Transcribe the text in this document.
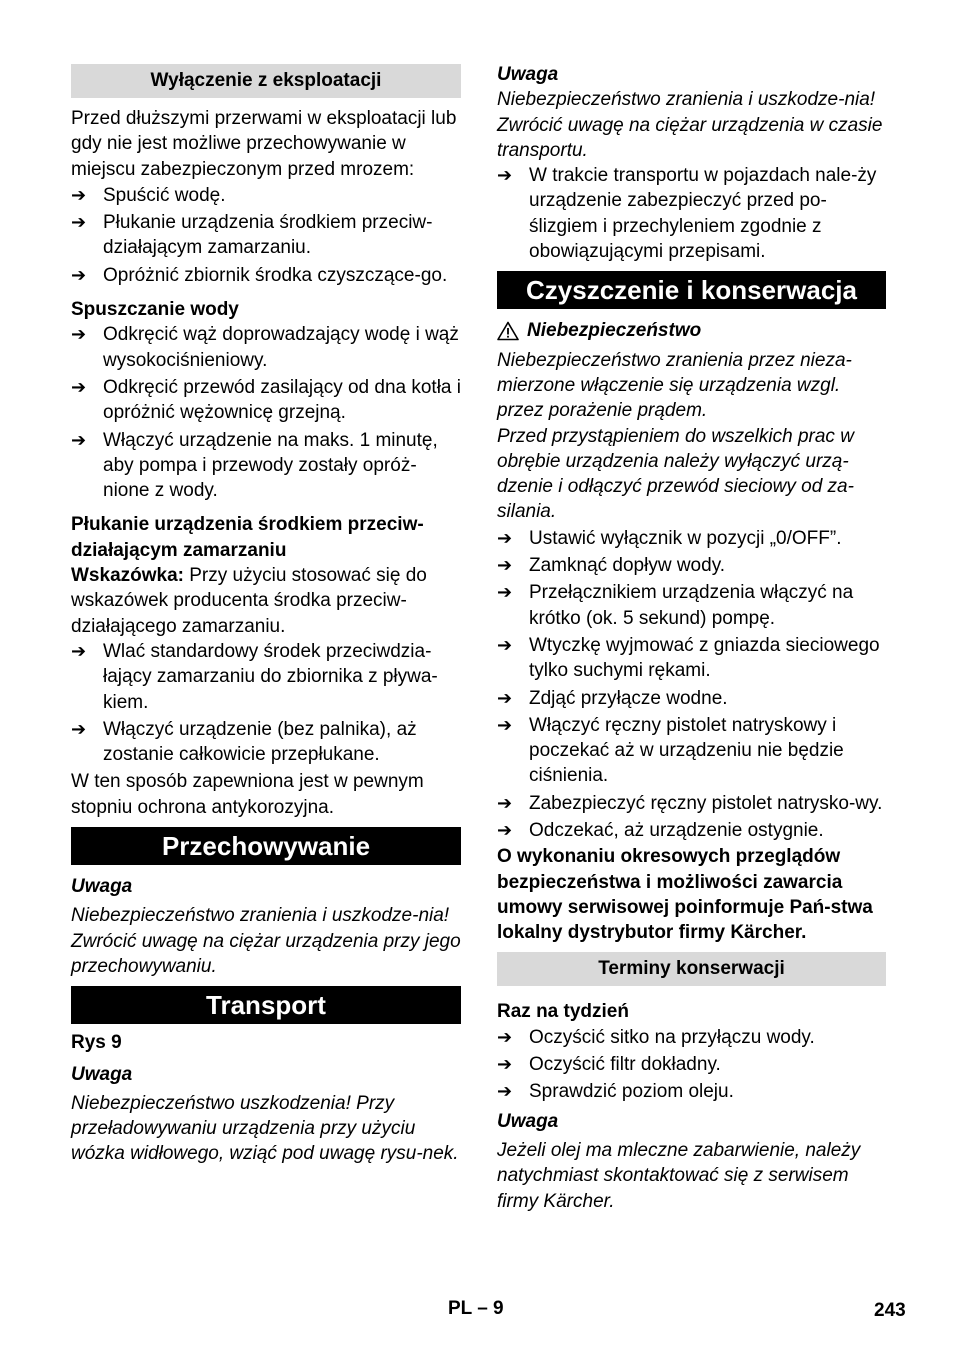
Wyłączenie z eksploatacji

Przed dłuższymi przerwami w eksploatacji lub gdy nie jest możliwe przechowywanie w miejscu zabezpieczonym przed mrozem:

➔ Spuścić wodę.
➔ Płukanie urządzenia środkiem przeciw-działającym zamarzaniu.
➔ Opróżnić zbiornik środka czyszczące-go.

Spuszczanie wody

➔ Odkręcić wąż doprowadzający wodę i wąż wysokociśnieniowy.
➔ Odkręcić przewód zasilający od dna kotła i opróżnić wężownicę grzejną.
➔ Włączyć urządzenie na maks. 1 minutę, aby pompa i przewody zostały opróż-nione z wody.

Płukanie urządzenia środkiem przeciw-działającym zamarzaniu

Wskazówka: Przy użyciu stosować się do wskazówek producenta środka przeciw-działającego zamarzaniu.

➔ Wlać standardowy środek przeciwdzia-łający zamarzaniu do zbiornika z pływa-kiem.
➔ Włączyć urządzenie (bez palnika), aż zostanie całkowicie przepłukane.

W ten sposób zapewniona jest w pewnym stopniu ochrona antykorozyjna.

Przechowywanie

Uwaga

Niebezpieczeństwo zranienia i uszkodze-nia! Zwrócić uwagę na ciężar urządzenia przy jego przechowywaniu.

Transport

Rys 9

Uwaga

Niebezpieczeństwo uszkodzenia! Przy przeładowywaniu urządzenia przy użyciu wózka widłowego, wziąć pod uwagę rysu-nek.

Uwaga

Niebezpieczeństwo zranienia i uszkodze-nia! Zwrócić uwagę na ciężar urządzenia w czasie transportu.

➔ W trakcie transportu w pojazdach nale-ży urządzenie zabezpieczyć przed po-ślizgiem i przechyleniem zgodnie z obowiązującymi przepisami.
Czyszczenie i konserwacja
Niebezpieczeństwo

Niebezpieczeństwo zranienia przez nieza-mierzone włączenie się urządzenia wzgl. przez porażenie prądem.

Przed przystąpieniem do wszelkich prac w obrębie urządzenia należy wyłączyć urzą-dzenie i odłączyć przewód sieciowy od za-silania.

➔ Ustawić wyłącznik w pozycji „0/OFF”.
➔ Zamknąć dopływ wody.
➔ Przełącznikiem urządzenia włączyć na krótko (ok. 5 sekund) pompę.
➔ Wtyczkę wyjmować z gniazda sieciowego tylko suchymi rękami.
➔ Zdjąć przyłącze wodne.
➔ Włączyć ręczny pistolet natryskowy i poczekać aż w urządzeniu nie będzie ciśnienia.
➔ Zabezpieczyć ręczny pistolet natrysko-wy.
➔ Odczekać, aż urządzenie ostygnie.

O wykonaniu okresowych przeglądów bezpieczeństwa i możliwości zawarcia umowy serwisowej poinformuje Pań-stwa lokalny dystrybutor firmy Kärcher.

Terminy konserwacji

Raz na tydzień

➔ Oczyścić sitko na przyłączu wody.
➔ Oczyścić filtr dokładny.
➔ Sprawdzić poziom oleju.

Uwaga

Jeżeli olej ma mleczne zabarwienie, należy natychmiast skontaktować się z serwisem firmy Kärcher.

PL – 9	243
